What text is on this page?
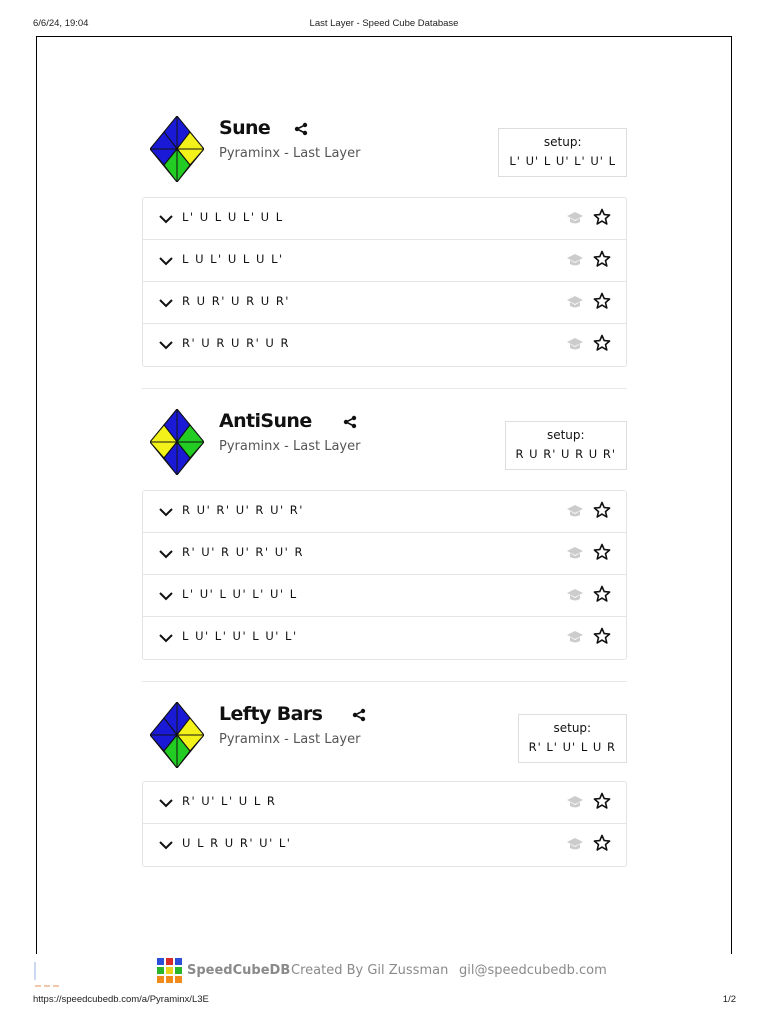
6/6/24, 19:04	Last Layer - Speed Cube Database
Sune
Pyraminx - Last Layer
setup:
L' U' L U' L' U' L
L' U L U L' U L
L U L' U L U L'
R U R' U R U R'
R' U R U R' U R
AntiSune
Pyraminx - Last Layer
setup:
R U R' U R U R'
R U' R' U' R U' R'
R' U' R U' R' U' R
L' U' L U' L' U' L
L U' L' U' L U' L'
Lefty Bars
Pyraminx - Last Layer
setup:
R' L' U' L U R
R' U' L' U L R
U L R U R' U' L'
SpeedCubeDB Created By Gil Zussman gil@speedcubedb.com
https://speedcubedb.com/a/Pyraminx/L3E	1/2
